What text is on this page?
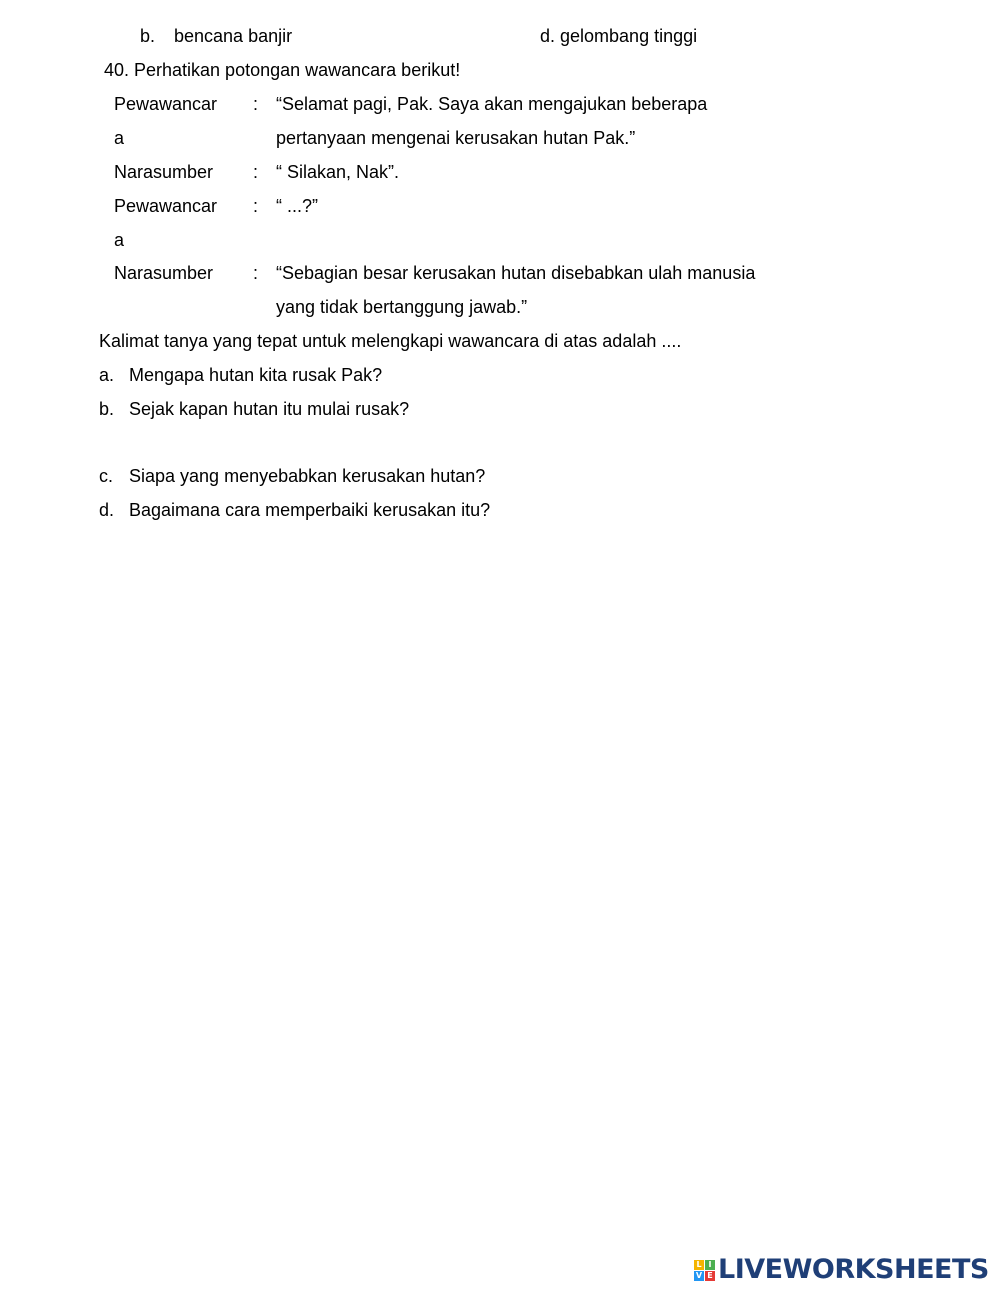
b. bencana banjir	d. gelombang tinggi
40. Perhatikan potongan wawancara berikut!
Pewawancar
a
: “Selamat pagi, Pak. Saya akan mengajukan beberapa
pertanyaan mengenai kerusakan hutan Pak.”
Narasumber : “ Silakan, Nak”.
Pewawancar
a
: “ ...?”
Narasumber : “Sebagian besar kerusakan hutan disebabkan ulah manusia
yang tidak bertanggung jawab.”
Kalimat tanya yang tepat untuk melengkapi wawancara di atas adalah ....
a. Mengapa hutan kita rusak Pak?
b. Sejak kapan hutan itu mulai rusak?
c. Siapa yang menyebabkan kerusakan hutan?
d. Bagaimana cara memperbaiki kerusakan itu?
L I
V E LIVEWORKSHEETS
